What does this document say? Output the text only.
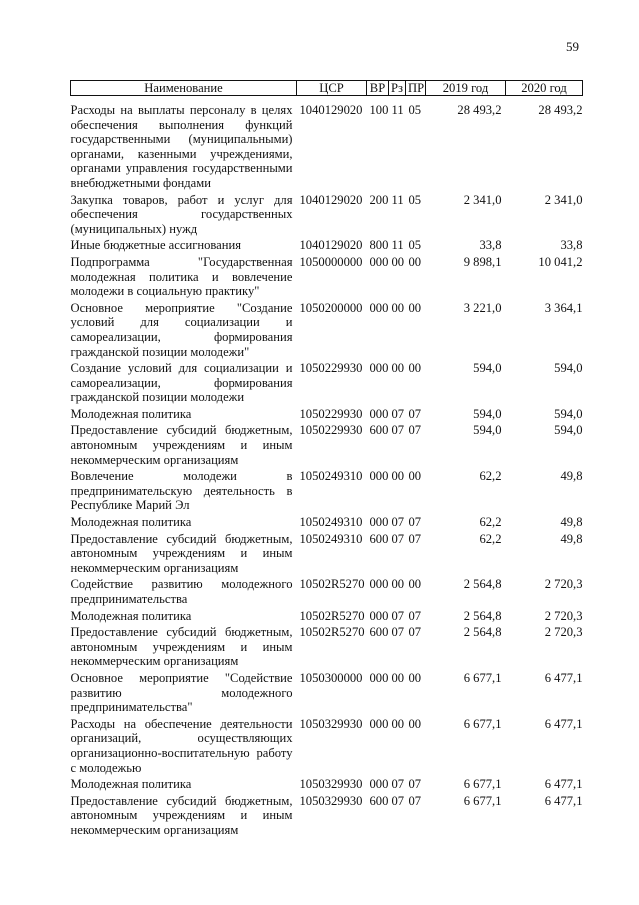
59
Наименование	ЦСР	ВР	Рз	ПР	2019 год	2020 год
Расходы на выплаты персоналу в целях обеспечения выполнения функций государственными (муниципальными) органами, казенными учреждениями, органами управления государственными внебюджетными фондами	1040129020	100	11	05	28 493,2	28 493,2
Закупка товаров, работ и услуг для обеспечения государственных (муниципальных) нужд	1040129020	200	11	05	2 341,0	2 341,0
Иные бюджетные ассигнования	1040129020	800	11	05	33,8	33,8
Подпрограмма "Государственная молодежная политика и вовлечение молодежи в социальную практику"	1050000000	000	00	00	9 898,1	10 041,2
Основное мероприятие "Создание условий для социализации и самореализации, формирования гражданской позиции молодежи"	1050200000	000	00	00	3 221,0	3 364,1
Создание условий для социализации и самореализации, формирования гражданской позиции молодежи	1050229930	000	00	00	594,0	594,0
Молодежная политика	1050229930	000	07	07	594,0	594,0
Предоставление субсидий бюджетным, автономным учреждениям и иным некоммерческим организациям	1050229930	600	07	07	594,0	594,0
Вовлечение молодежи в предпринимательскую деятельность в Республике Марий Эл	1050249310	000	00	00	62,2	49,8
Молодежная политика	1050249310	000	07	07	62,2	49,8
Предоставление субсидий бюджетным, автономным учреждениям и иным некоммерческим организациям	1050249310	600	07	07	62,2	49,8
Содействие развитию молодежного предпринимательства	10502R5270	000	00	00	2 564,8	2 720,3
Молодежная политика	10502R5270	000	07	07	2 564,8	2 720,3
Предоставление субсидий бюджетным, автономным учреждениям и иным некоммерческим организациям	10502R5270	600	07	07	2 564,8	2 720,3
Основное мероприятие "Содействие развитию молодежного предпринимательства"	1050300000	000	00	00	6 677,1	6 477,1
Расходы на обеспечение деятельности организаций, осуществляющих организационно-воспитательную работу с молодежью	1050329930	000	00	00	6 677,1	6 477,1
Молодежная политика	1050329930	000	07	07	6 677,1	6 477,1
Предоставление субсидий бюджетным, автономным учреждениям и иным некоммерческим организациям	1050329930	600	07	07	6 677,1	6 477,1
